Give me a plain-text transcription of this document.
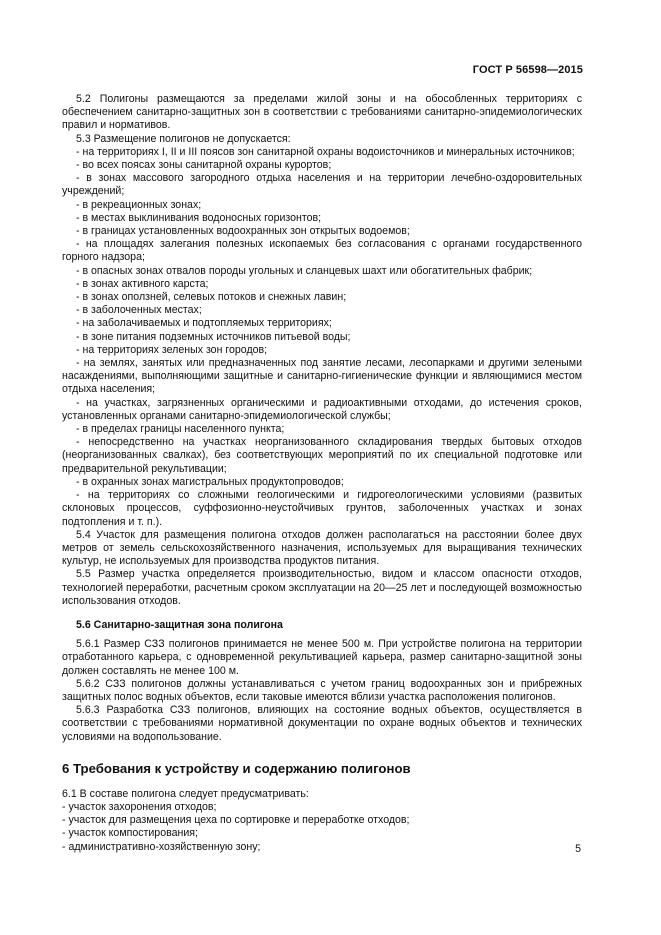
ГОСТ Р 56598—2015

5.2 Полигоны размещаются за пределами жилой зоны и на обособленных территориях с обеспечением санитарно-защитных зон в соответствии с требованиями санитарно-эпидемиологических правил и нормативов.

5.3 Размещение полигонов не допускается:

- на территориях I, II и III поясов зон санитарной охраны водоисточников и минеральных источников;

- во всех поясах зоны санитарной охраны курортов;

- в зонах массового загородного отдыха населения и на территории лечебно-оздоровительных учреждений;

- в рекреационных зонах;

- в местах выклинивания водоносных горизонтов;

- в границах установленных водоохранных зон открытых водоемов;

- на площадях залегания полезных ископаемых без согласования с органами государственного горного надзора;

- в опасных зонах отвалов породы угольных и сланцевых шахт или обогатительных фабрик;

- в зонах активного карста;

- в зонах оползней, селевых потоков и снежных лавин;

- в заболоченных местах;

- на заболачиваемых и подтопляемых территориях;

- в зоне питания подземных источников питьевой воды;

- на территориях зеленых зон городов;

- на землях, занятых или предназначенных под занятие лесами, лесопарками и другими зелеными насаждениями, выполняющими защитные и санитарно-гигиенические функции и являющимися местом отдыха населения;

- на участках, загрязненных органическими и радиоактивными отходами, до истечения сроков, установленных органами санитарно-эпидемиологической службы;

- в пределах границы населенного пункта;

- непосредственно на участках неорганизованного складирования твердых бытовых отходов (неорганизованных свалках), без соответствующих мероприятий по их специальной подготовке или предварительной рекультивации;

- в охранных зонах магистральных продуктопроводов;

- на территориях со сложными геологическими и гидрогеологическими условиями (развитых склоновых процессов, суффозионно-неустойчивых грунтов, заболоченных участках и зонах подтопления и т. п.).

5.4 Участок для размещения полигона отходов должен располагаться на расстоянии более двух метров от земель сельскохозяйственного назначения, используемых для выращивания технических культур, не используемых для производства продуктов питания.

5.5 Размер участка определяется производительностью, видом и классом опасности отходов, технологией переработки, расчетным сроком эксплуатации на 20—25 лет и последующей возможностью использования отходов.

5.6 Санитарно-защитная зона полигона

5.6.1 Размер СЗЗ полигонов принимается не менее 500 м. При устройстве полигона на территории отработанного карьера, с одновременной рекультивацией карьера, размер санитарно-защитной зоны должен составлять не менее 100 м.

5.6.2 СЗЗ полигонов должны устанавливаться с учетом границ водоохранных зон и прибрежных защитных полос водных объектов, если таковые имеются вблизи участка расположения полигонов.

5.6.3 Разработка СЗЗ полигонов, влияющих на состояние водных объектов, осуществляется в соответствии с требованиями нормативной документации по охране водных объектов и технических условиями на водопользование.

6 Требования к устройству и содержанию полигонов

6.1 В составе полигона следует предусматривать:

- участок захоронения отходов;

- участок для размещения цеха по сортировке и переработке отходов;

- участок компостирования;

- административно-хозяйственную зону;	5
